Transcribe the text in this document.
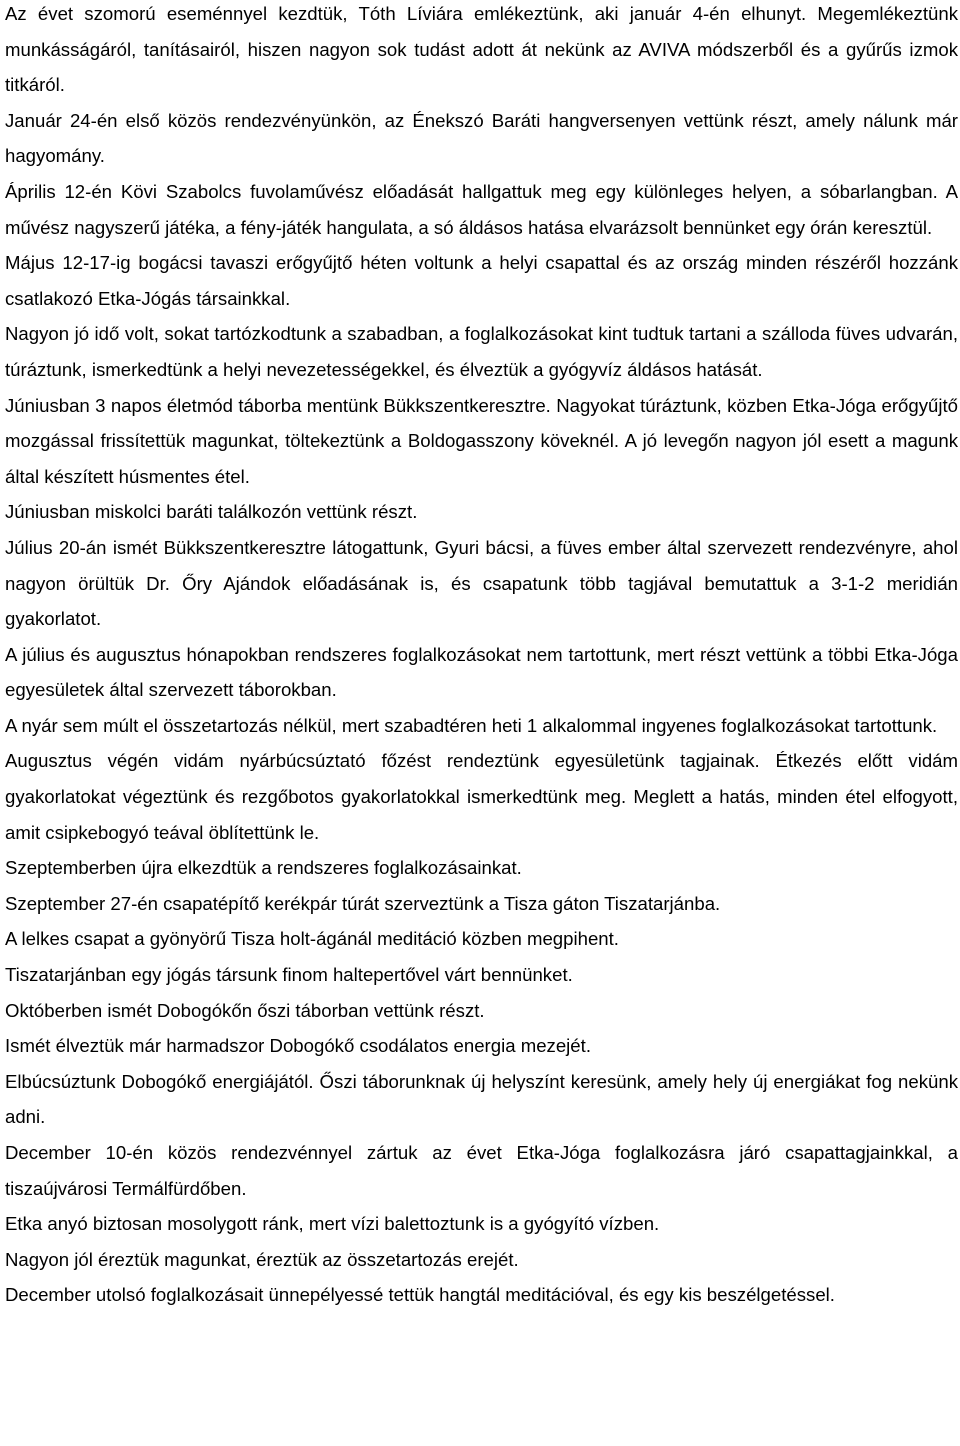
Az évet szomorú eseménnyel kezdtük, Tóth Líviára emlékeztünk, aki január 4-én elhunyt. Megemlékeztünk munkásságáról, tanításairól, hiszen nagyon sok tudást adott át nekünk az AVIVA módszerből és a gyűrűs izmok titkáról.

Január 24-én első közös rendezvényünkön, az Énekszó Baráti hangversenyen vettünk részt, amely nálunk már hagyomány.

Április 12-én Kövi Szabolcs fuvolaművész előadását hallgattuk meg egy különleges helyen, a sóbarlangban. A művész nagyszerű játéka, a fény-játék hangulata, a só áldásos hatása elvarázsolt bennünket egy órán keresztül.

Május 12-17-ig bogácsi tavaszi erőgyűjtő héten voltunk a helyi csapattal és az ország minden részéről hozzánk csatlakozó Etka-Jógás társainkkal.

Nagyon jó idő volt, sokat tartózkodtunk a szabadban, a foglalkozásokat kint tudtuk tartani a szálloda füves udvarán, túráztunk, ismerkedtünk a helyi nevezetességekkel, és élveztük a gyógyvíz áldásos hatását.

Júniusban 3 napos életmód táborba mentünk Bükkszentkeresztre. Nagyokat túráztunk, közben Etka-Jóga erőgyűjtő mozgással frissítettük magunkat, töltekeztünk a Boldogasszony köveknél. A jó levegőn nagyon jól esett a magunk által készített húsmentes étel.

Júniusban miskolci baráti találkozón vettünk részt.

Július 20-án ismét Bükkszentkeresztre látogattunk, Gyuri bácsi, a füves ember által szervezett rendezvényre, ahol nagyon örültük Dr. Őry Ajándok előadásának is, és csapatunk több tagjával bemutattuk a 3-1-2 meridián gyakorlatot.

A július és augusztus hónapokban rendszeres foglalkozásokat nem tartottunk, mert részt vettünk a többi Etka-Jóga egyesületek által szervezett táborokban.

A nyár sem múlt el összetartozás nélkül, mert szabadtéren heti 1 alkalommal ingyenes foglalkozásokat tartottunk.

Augusztus végén vidám nyárbúcsúztató főzést rendeztünk egyesületünk tagjainak. Étkezés előtt vidám gyakorlatokat végeztünk és rezgőbotos gyakorlatokkal ismerkedtünk meg. Meglett a hatás, minden étel elfogyott, amit csipkebogyó teával öblítettünk le.

Szeptemberben újra elkezdtük a rendszeres foglalkozásainkat.

Szeptember 27-én csapatépítő kerékpár túrát szerveztünk a Tisza gáton Tiszatarjánba.

A lelkes csapat a gyönyörű Tisza holt-ágánál meditáció közben megpihent.

Tiszatarjánban egy jógás társunk finom haltepertővel várt bennünket.

Októberben ismét Dobogókőn őszi táborban vettünk részt.

Ismét élveztük már harmadszor Dobogókő csodálatos energia mezejét.

Elbúcsúztunk Dobogókő energiájától. Őszi táborunknak új helyszínt keresünk, amely hely új energiákat fog nekünk adni.

December 10-én közös rendezvénnyel zártuk az évet Etka-Jóga foglalkozásra járó csapattagjainkkal, a tiszaújvárosi Termálfürdőben.

Etka anyó biztosan mosolygott ránk, mert vízi balettoztunk is a gyógyító vízben.

Nagyon jól éreztük magunkat, éreztük az összetartozás erejét.

December utolsó foglalkozásait ünnepélyessé tettük hangtál meditációval, és egy kis beszélgetéssel.
